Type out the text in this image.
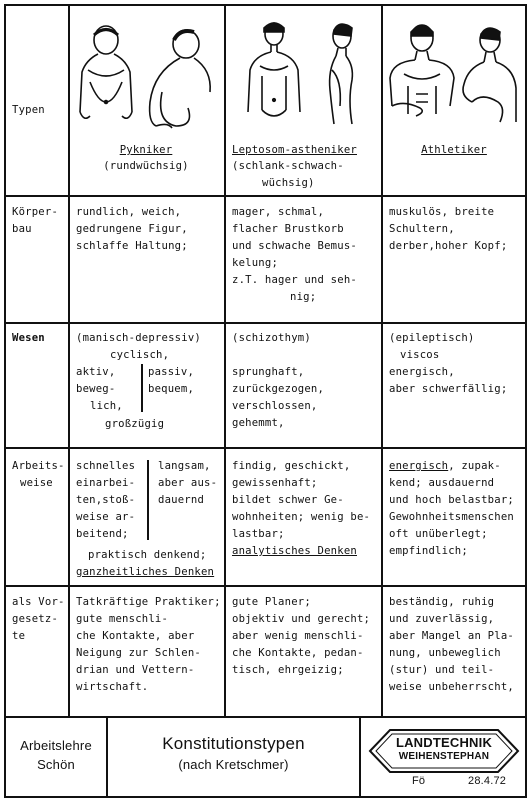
Typen
Pykniker
(rundwüchsig)
Leptosom-astheniker
(schlank-schwach-
wüchsig)
Athletiker
Körper-
bau
rundlich, weich,
gedrungene Figur,
schlaffe Haltung;
mager, schmal,
flacher Brustkorb
und schwache Bemus-
kelung;
z.T. hager und seh-
nig;
muskulös, breite
Schultern,
derber,hoher Kopf;
Wesen	(manisch-depressiv)
cyclisch,
aktiv,
beweg-
lich,
passiv,
bequem,
großzügig
(schizothym)
sprunghaft,
zurückgezogen,
verschlossen,
gehemmt,
(epileptisch)
viscos
energisch,
aber schwerfällig;
Arbeits-
weise
schnelles
einarbei-
ten,stoß-
weise ar-
beitend;
langsam,
aber aus-
dauernd
praktisch denkend;
ganzheitliches Denken
findig, geschickt,
gewissenhaft;
bildet schwer Ge-
wohnheiten; wenig be-
lastbar;
analytisches Denken
energisch, zupak-
kend; ausdauernd
und hoch belastbar;
Gewohnheitsmenschen
oft unüberlegt;
empfindlich;
als Vor-
gesetz-
te
Tatkräftige Praktiker;
gute menschli-
che Kontakte, aber
Neigung zur Schlen-
drian und Vettern-
wirtschaft.
gute Planer;
objektiv und gerecht;
aber wenig menschli-
che Kontakte, pedan-
tisch, ehrgeizig;
beständig, ruhig
und zuverlässig,
aber Mangel an Pla-
nung, unbeweglich
(stur) und teil-
weise unbeherrscht,
Arbeitslehre
Schön
Konstitutionstypen
(nach Kretschmer)
LANDTECHNIK
WEIHENSTEPHAN
Fö	28.4.72
